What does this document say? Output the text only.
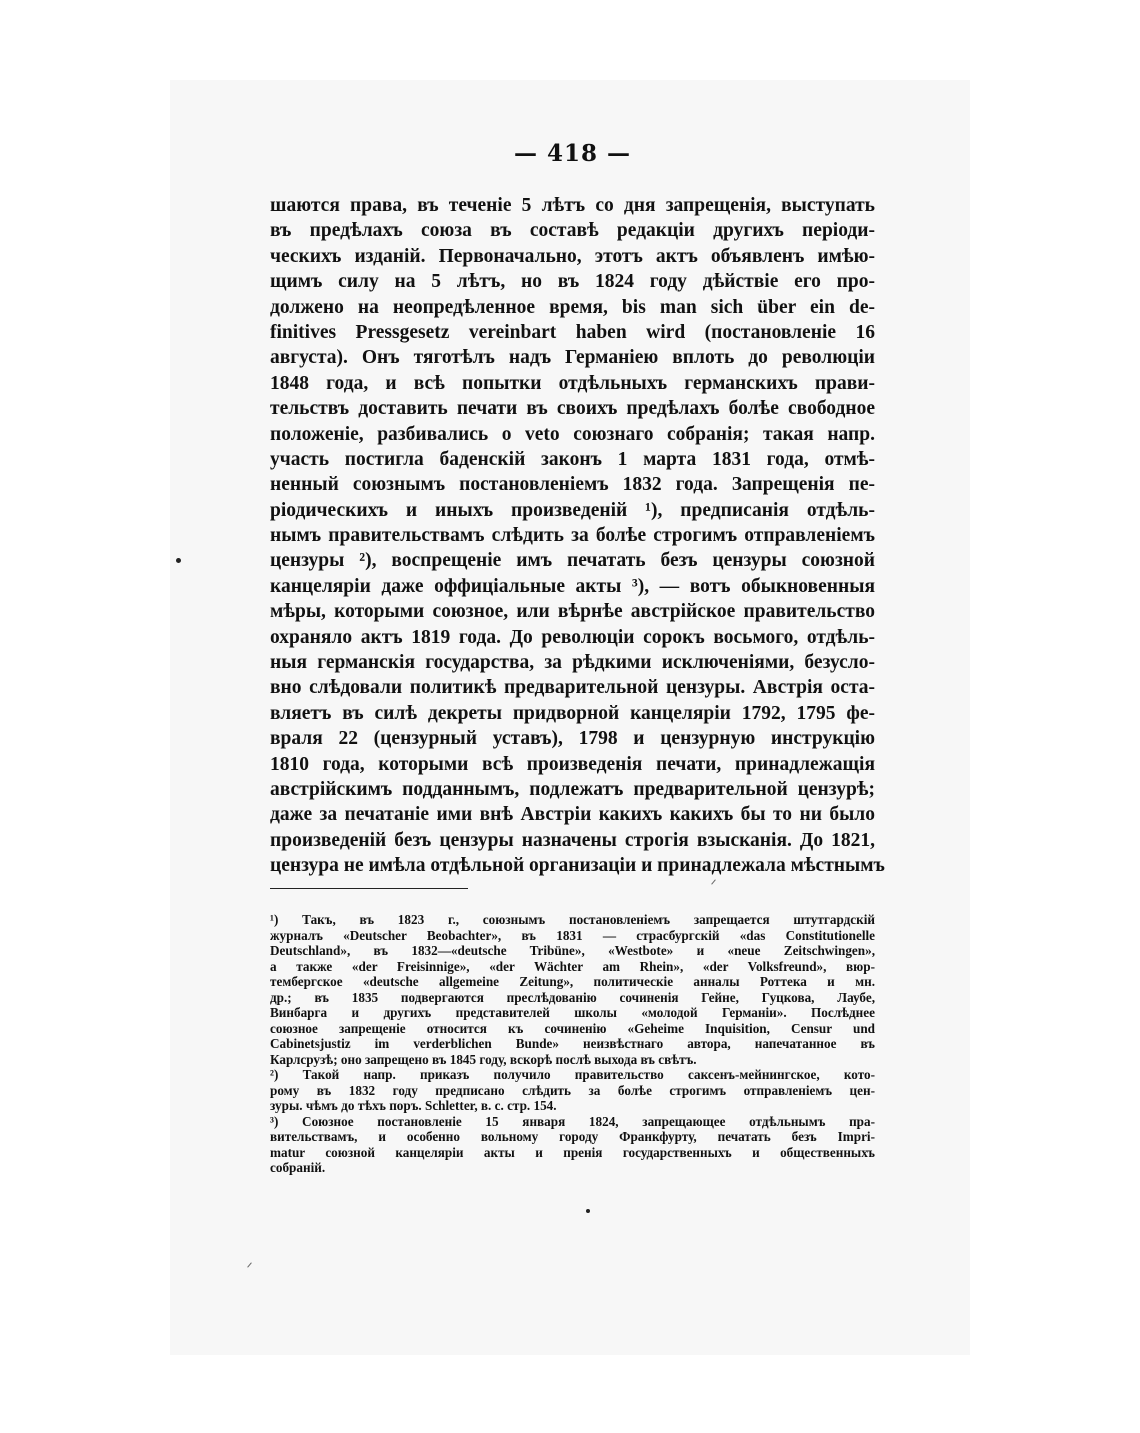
— 418 —
шаются права, въ теченіе 5 лѣтъ со дня запрещенія, выступать
въ предѣлахъ союза въ составѣ редакціи другихъ періоди-
ческихъ изданій. Первоначально, этотъ актъ объявленъ имѣю-
щимъ силу на 5 лѣтъ, но въ 1824 году дѣйствіе его про-
должено на неопредѣленное время, bis man sich über ein de-
finitives Pressgesetz vereinbart haben wird (постановленіе 16
августа). Онъ тяготѣлъ надъ Германіею вплоть до революціи
1848 года, и всѣ попытки отдѣльныхъ германскихъ прави-
тельствъ доставить печати въ своихъ предѣлахъ болѣе свободное
положеніе, разбивались о veto союзнаго собранія; такая напр.
участь постигла баденскій законъ 1 марта 1831 года, отмѣ-
ненный союзнымъ постановленіемъ 1832 года. Запрещенія пе-
ріодическихъ и иныхъ произведеній ¹), предписанія отдѣль-
нымъ правительствамъ слѣдить за болѣе строгимъ отправленіемъ
цензуры ²), воспрещеніе имъ печатать безъ цензуры союзной
канцеляріи даже оффиціальные акты ³), — вотъ обыкновенныя
мѣры, которыми союзное, или вѣрнѣе австрійское правительство
охраняло актъ 1819 года. До революціи сорокъ восьмого, отдѣль-
ныя германскія государства, за рѣдкими исключеніями, безусло-
вно слѣдовали политикѣ предварительной цензуры. Австрія оста-
вляетъ въ силѣ декреты придворной канцеляріи 1792, 1795 фе-
враля 22 (цензурный уставъ), 1798 и цензурную инструкцію
1810 года, которыми всѣ произведенія печати, принадлежащія
австрійскимъ подданнымъ, подлежатъ предварительной цензурѣ;
даже за печатаніе ими внѣ Австріи какихъ какихъ бы то ни было
произведеній безъ цензуры назначены строгія взысканія. До 1821,
цензура не имѣла отдѣльной организаціи и принадлежала мѣстнымъ
¹) Такъ, въ 1823 г., союзнымъ постановленіемъ запрещается штутгардскій
журналъ «Deutscher Beobachter», въ 1831 — страсбургскій «das Constitutionelle
Deutschland», въ 1832—«deutsche Tribüne», «Westbote» и «neue Zeitschwingen»,
а также «der Freisinnige», «der Wächter am Rhein», «der Volksfreund», вюр-
тембергское «deutsche allgemeine Zeitung», политическіе анналы Роттека и мн.
др.; въ 1835 подвергаются преслѣдованію сочиненія Гейне, Гуцкова, Лаубе,
Винбарга и другихъ представителей школы «молодой Германіи». Послѣднее
союзное запрещеніе относится къ сочиненію «Geheime Inquisition, Censur und
Cabinetsjustiz im verderblichen Bunde» неизвѣстнаго автора, напечатанное въ
Карлсрузѣ; оно запрещено въ 1845 году, вскорѣ послѣ выхода въ свѣтъ.
²) Такой напр. приказъ получило правительство саксенъ-мейнингское, кото-
рому въ 1832 году предписано слѣдить за болѣе строгимъ отправленіемъ цен-
зуры. чѣмъ до тѣхъ поръ. Schletter, в. с. стр. 154.
³) Союзное постановленіе 15 января 1824, запрещающее отдѣльнымъ пра-
вительствамъ, и особенно вольному городу Франкфурту, печатать безъ Impri-
matur союзной канцеляріи акты и пренія государственныхъ и общественныхъ
собраній.
